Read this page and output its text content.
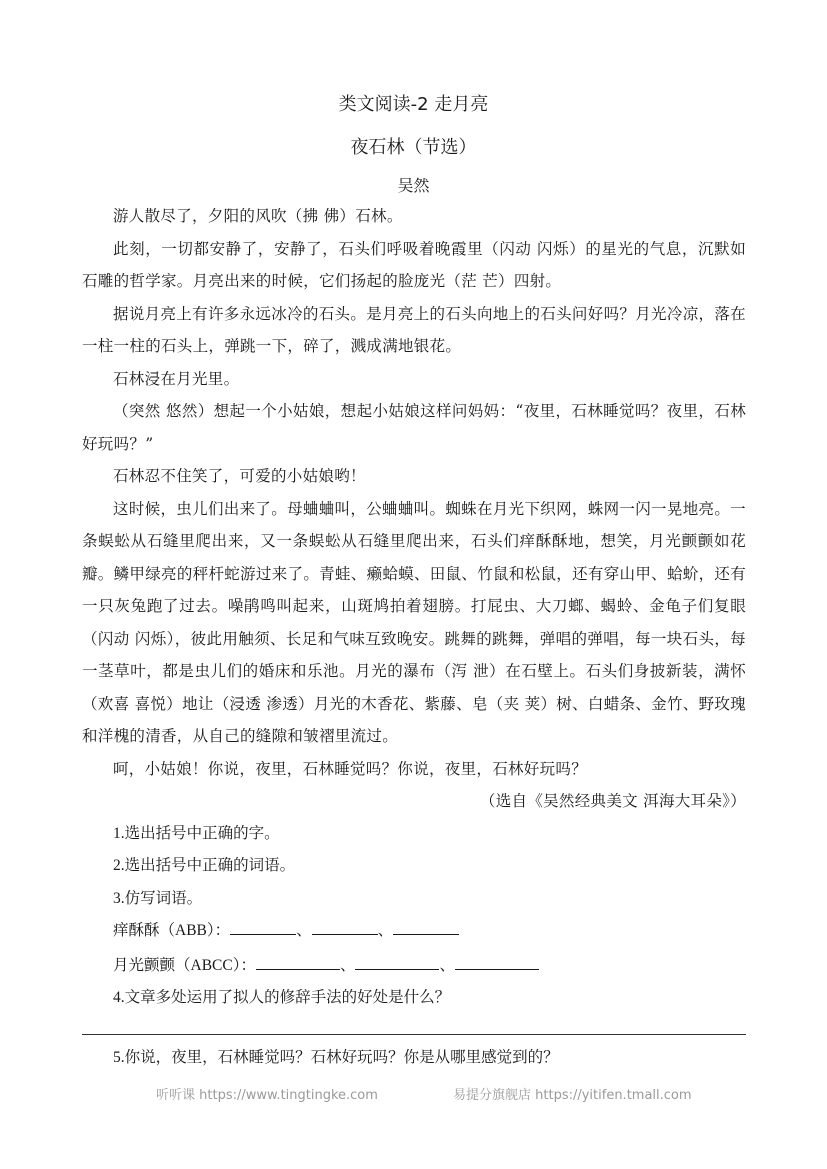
类文阅读-2 走月亮
夜石林（节选）
吴然

游人散尽了，夕阳的风吹（拂 佛）石林。

此刻，一切都安静了，安静了，石头们呼吸着晚霞里（闪动 闪烁）的星光的气息，沉默如石雕的哲学家。月亮出来的时候，它们扬起的脸庞光（茫 芒）四射。

据说月亮上有许多永远冰冷的石头。是月亮上的石头向地上的石头问好吗？月光冷凉，落在一柱一柱的石头上，弹跳一下，碎了，溅成满地银花。

石林浸在月光里。

（突然 悠然）想起一个小姑娘，想起小姑娘这样问妈妈：“夜里，石林睡觉吗？夜里，石林好玩吗？”

石林忍不住笑了，可爱的小姑娘哟！

这时候，虫儿们出来了。母蛐蛐叫，公蛐蛐叫。蜘蛛在月光下织网，蛛网一闪一晃地亮。一条蜈蚣从石缝里爬出来，又一条蜈蚣从石缝里爬出来，石头们痒酥酥地，想笑，月光颤颤如花瓣。鳞甲绿亮的秤杆蛇游过来了。青蛙、癞蛤蟆、田鼠、竹鼠和松鼠，还有穿山甲、蛤蚧，还有一只灰兔跑了过去。噪鹃鸣叫起来，山斑鸠拍着翅膀。打屁虫、大刀螂、蝎蛉、金龟子们复眼（闪动 闪烁），彼此用触须、长足和气味互致晚安。跳舞的跳舞，弹唱的弹唱，每一块石头，每一茎草叶，都是虫儿们的婚床和乐池。月光的瀑布（泻 泄）在石壁上。石头们身披新装，满怀（欢喜 喜悦）地让（浸透 渗透）月光的木香花、紫藤、皂（夹 荚）树、白蜡条、金竹、野玫瑰和洋槐的清香，从自己的缝隙和皱褶里流过。

呵，小姑娘！你说，夜里，石林睡觉吗？你说，夜里，石林好玩吗？

（选自《吴然经典美文 洱海大耳朵》）

1.选出括号中正确的字。
2.选出括号中正确的词语。
3.仿写词语。
痒酥酥（ABB）：	、	、
月光颤颤（ABCC）：	、	、
4.文章多处运用了拟人的修辞手法的好处是什么？
5.你说，夜里，石林睡觉吗？石林好玩吗？你是从哪里感觉到的？
听听课 https://www.tingtingke.com	易提分旗舰店 https://yitifen.tmall.com
